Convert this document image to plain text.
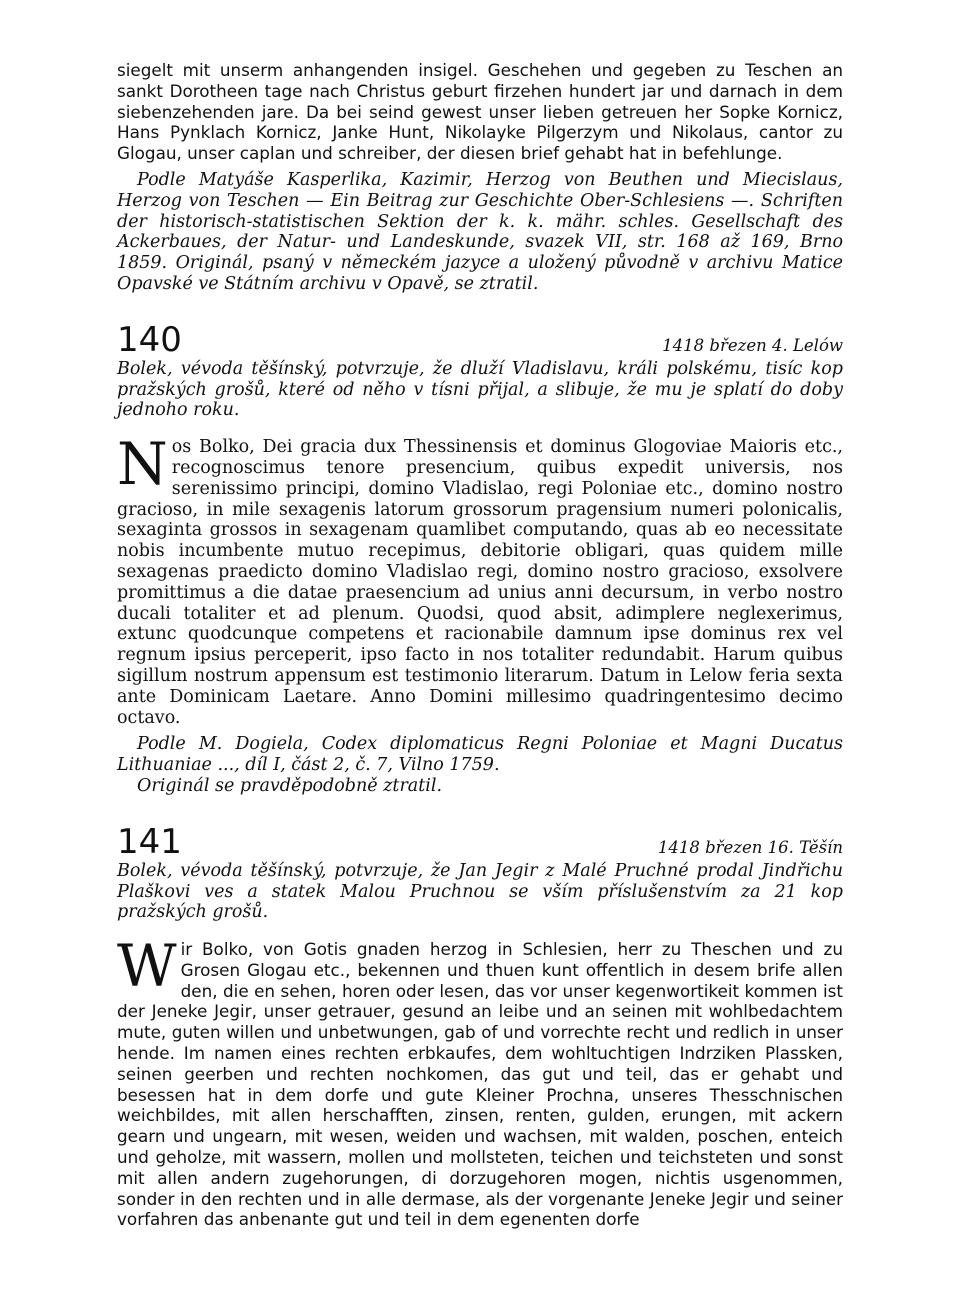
siegelt mit unserm anhangenden insigel. Geschehen und gegeben zu Teschen an sankt Dorotheen tage nach Christus geburt firzehen hundert jar und darnach in dem siebenzehenden jare. Da bei seind gewest unser lieben getreuen her Sopke Kornicz, Hans Pynklach Kornicz, Janke Hunt, Nikolayke Pilgerzym und Nikolaus, cantor zu Glogau, unser caplan und schreiber, der diesen brief gehabt hat in befehlunge.

Podle Matyáše Kasperlika, Kazimir, Herzog von Beuthen und Miecislaus, Herzog von Teschen — Ein Beitrag zur Geschichte Ober-Schlesiens —. Schriften der historisch-statistischen Sektion der k. k. mähr. schles. Gesellschaft des Ackerbaues, der Natur- und Landeskunde, svazek VII, str. 168 až 169, Brno 1859. Originál, psaný v německém jazyce a uložený původně v archivu Matice Opavské ve Státním archivu v Opavě, se ztratil.

140	1418 březen 4. Lelów

Bolek, vévoda těšínský, potvrzuje, že dluží Vladislavu, králi polskému, tisíc kop pražských grošů, které od něho v tísni přijal, a slibuje, že mu je splatí do doby jednoho roku.

Nos Bolko, Dei gracia dux Thessinensis et dominus Glogoviae Maioris etc., recognoscimus tenore presencium, quibus expedit universis, nos serenissimo principi, domino Vladislao, regi Poloniae etc., domino nostro gracioso, in mile sexagenis latorum grossorum pragensium numeri polonicalis, sexaginta grossos in sexagenam quamlibet computando, quas ab eo necessitate nobis incumbente mutuo recepimus, debitorie obligari, quas quidem mille sexagenas praedicto domino Vladislao regi, domino nostro gracioso, exsolvere promittimus a die datae praesencium ad unius anni decursum, in verbo nostro ducali totaliter et ad plenum. Quodsi, quod absit, adimplere neglexerimus, extunc quodcunque competens et racionabile damnum ipse dominus rex vel regnum ipsius perceperit, ipso facto in nos totaliter redundabit. Harum quibus sigillum nostrum appensum est testimonio literarum. Datum in Lelow feria sexta ante Dominicam Laetare. Anno Domini millesimo quadringentesimo decimo octavo.

Podle M. Dogiela, Codex diplomaticus Regni Poloniae et Magni Ducatus Lithuaniae ..., díl I, část 2, č. 7, Vilno 1759.

Originál se pravděpodobně ztratil.

141	1418 březen 16. Těšín

Bolek, vévoda těšínský, potvrzuje, že Jan Jegir z Malé Pruchné prodal Jindřichu Plaškovi ves a statek Malou Pruchnou se vším příslušenstvím za 21 kop pražských grošů.

Wir Bolko, von Gotis gnaden herzog in Schlesien, herr zu Theschen und zu Grosen Glogau etc., bekennen und thuen kunt offentlich in desem brife allen den, die en sehen, horen oder lesen, das vor unser kegenwortikeit kommen ist der Jeneke Jegir, unser getrauer, gesund an leibe und an seinen mit wohlbedachtem mute, guten willen und unbetwungen, gab of und vorrechte recht und redlich in unser hende. Im namen eines rechten erbkaufes, dem wohltuchtigen Indrziken Plassken, seinen geerben und rechten nochkomen, das gut und teil, das er gehabt und besessen hat in dem dorfe und gute Kleiner Prochna, unseres Thesschnischen weichbildes, mit allen herschafften, zinsen, renten, gulden, erungen, mit ackern gearn und ungearn, mit wesen, weiden und wachsen, mit walden, poschen, enteich und geholze, mit wassern, mollen und mollsteten, teichen und teichsteten und sonst mit allen andern zugehorungen, di dorzugehoren mogen, nichtis usgenommen, sonder in den rechten und in alle dermase, als der vorgenante Jeneke Jegir und seiner vorfahren das anbenante gut und teil in dem egenenten dorfe
